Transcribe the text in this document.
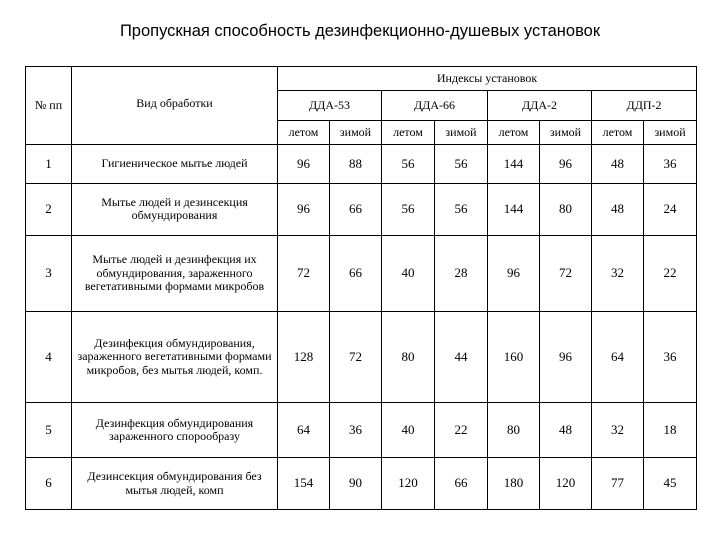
Пропускная способность дезинфекционно-душевых установок
№ пп	Вид обработки	Индексы установок							
		ДДА-53		ДДА-66		ДДА-2		ДДП-2	
		летом	зимой	летом	зимой	летом	зимой	летом	зимой
1	Гигиеническое мытье людей	96	88	56	56	144	96	48	36
2	Мытье людей и дезинсекция обмундирования	96	66	56	56	144	80	48	24
3	Мытье людей и дезинфекция их обмундирования, зараженного вегетативными формами микробов	72	66	40	28	96	72	32	22
4	Дезинфекция обмундирования, зараженного вегетативными формами микробов, без мытья людей, комп.	128	72	80	44	160	96	64	36
5	Дезинфекция обмундирования зараженного спорообразу	64	36	40	22	80	48	32	18
6	Дезинсекция обмундирования без мытья людей, комп	154	90	120	66	180	120	77	45
